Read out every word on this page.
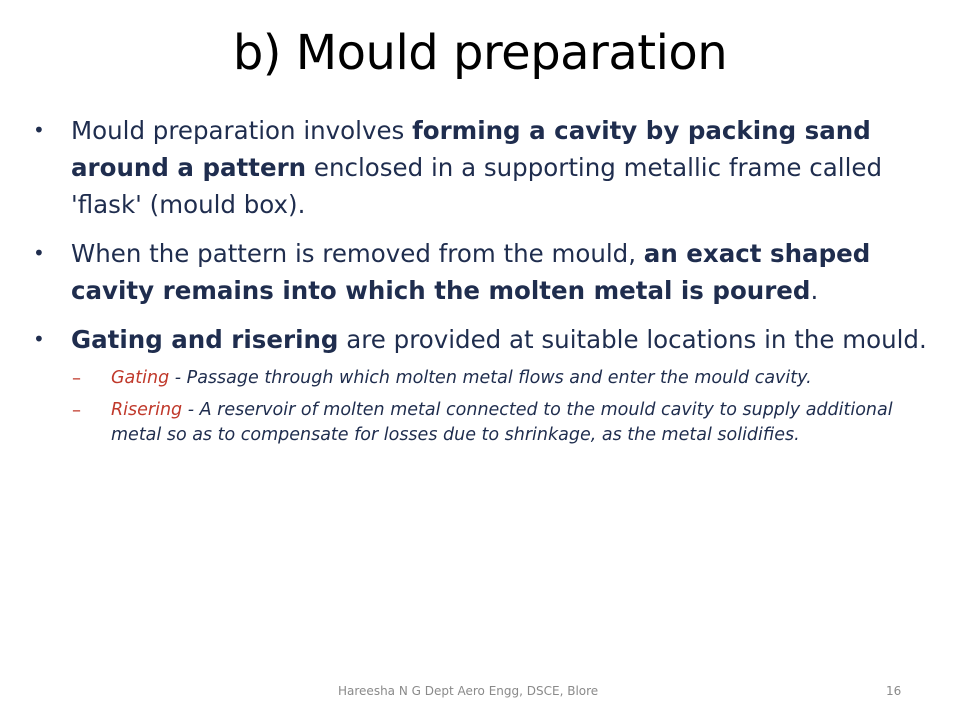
b) Mould preparation
• Mould preparation involves forming a cavity by packing sand around a pattern enclosed in a supporting metallic frame called 'flask' (mould box).
• When the pattern is removed from the mould, an exact shaped cavity remains into which the molten metal is poured.
• Gating and risering are provided at suitable locations in the mould.
– Gating - Passage through which molten metal flows and enter the mould cavity.
– Risering - A reservoir of molten metal connected to the mould cavity to supply additional metal so as to compensate for losses due to shrinkage, as the metal solidifies.
Hareesha N G Dept Aero Engg, DSCE, Blore	16
